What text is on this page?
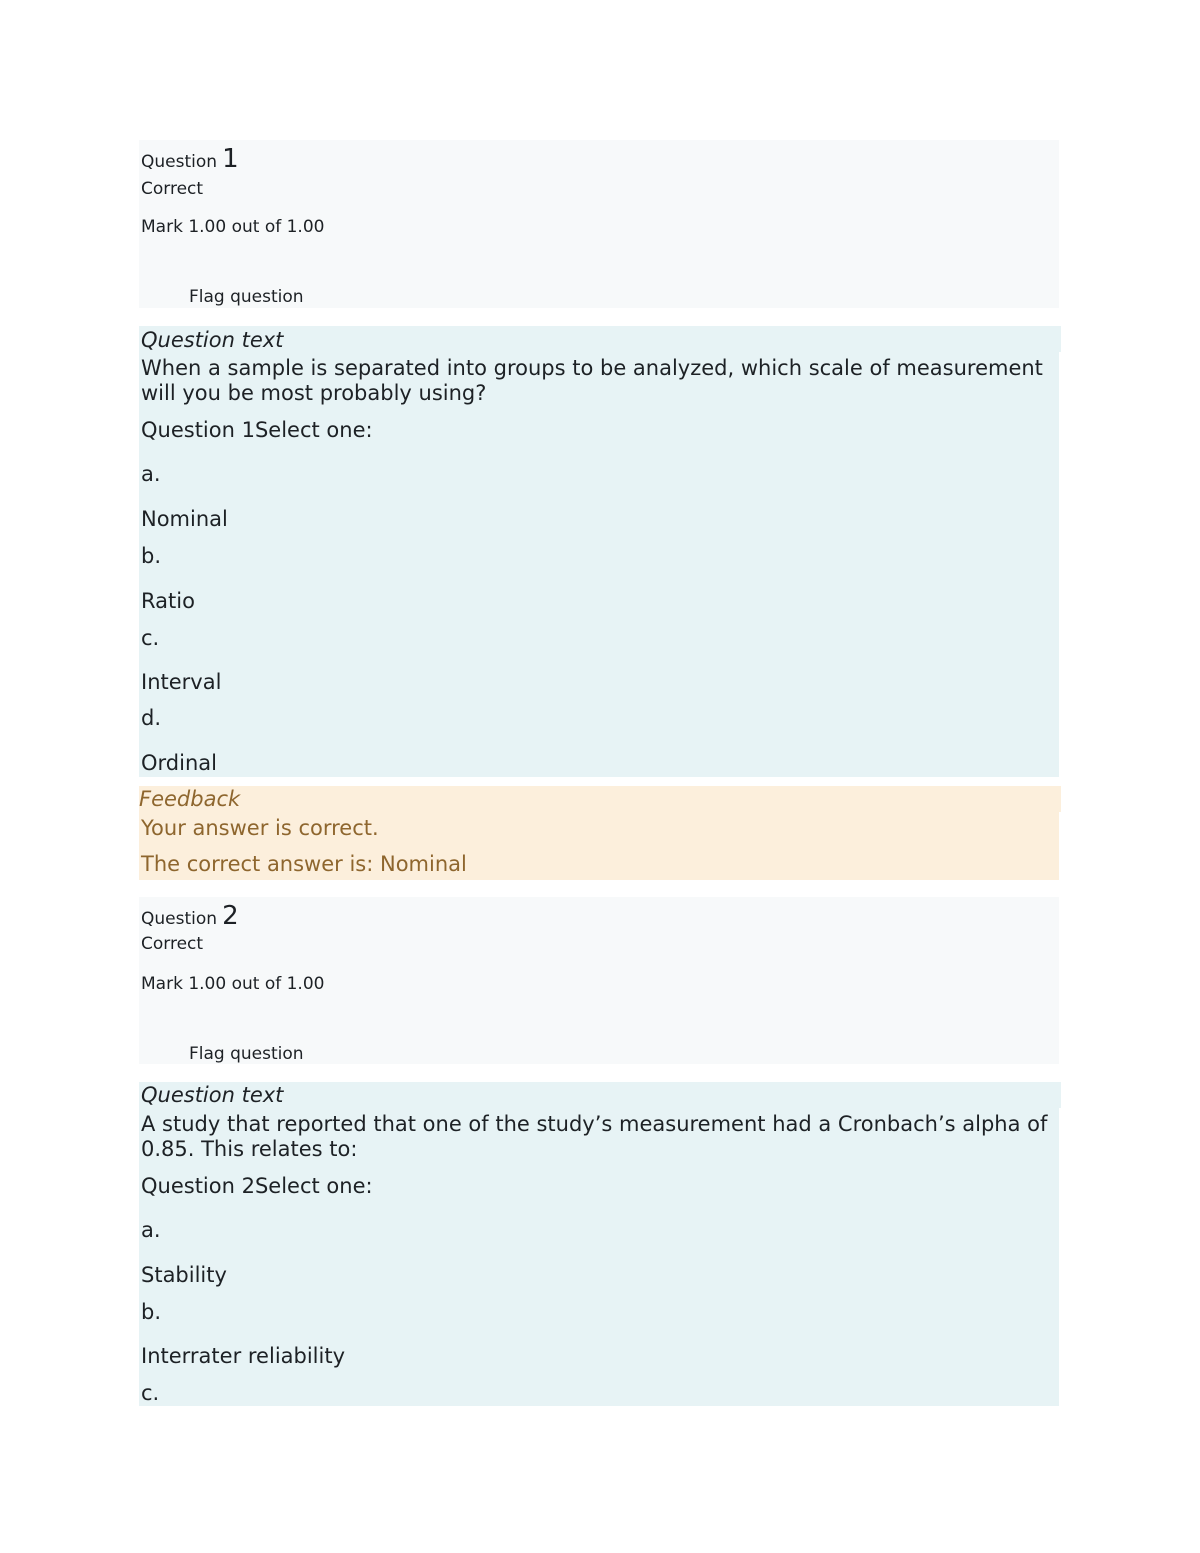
Question 1
Correct
Mark 1.00 out of 1.00
Flag question
Question text
When a sample is separated into groups to be analyzed, which scale of measurement will you be most probably using?
Question 1Select one:
a.
Nominal
b.
Ratio
c.
Interval
d.
Ordinal
Feedback
Your answer is correct.
The correct answer is: Nominal
Question 2
Correct
Mark 1.00 out of 1.00
Flag question
Question text
A study that reported that one of the study’s measurement had a Cronbach’s alpha of 0.85. This relates to:
Question 2Select one:
a.
Stability
b.
Interrater reliability
c.
